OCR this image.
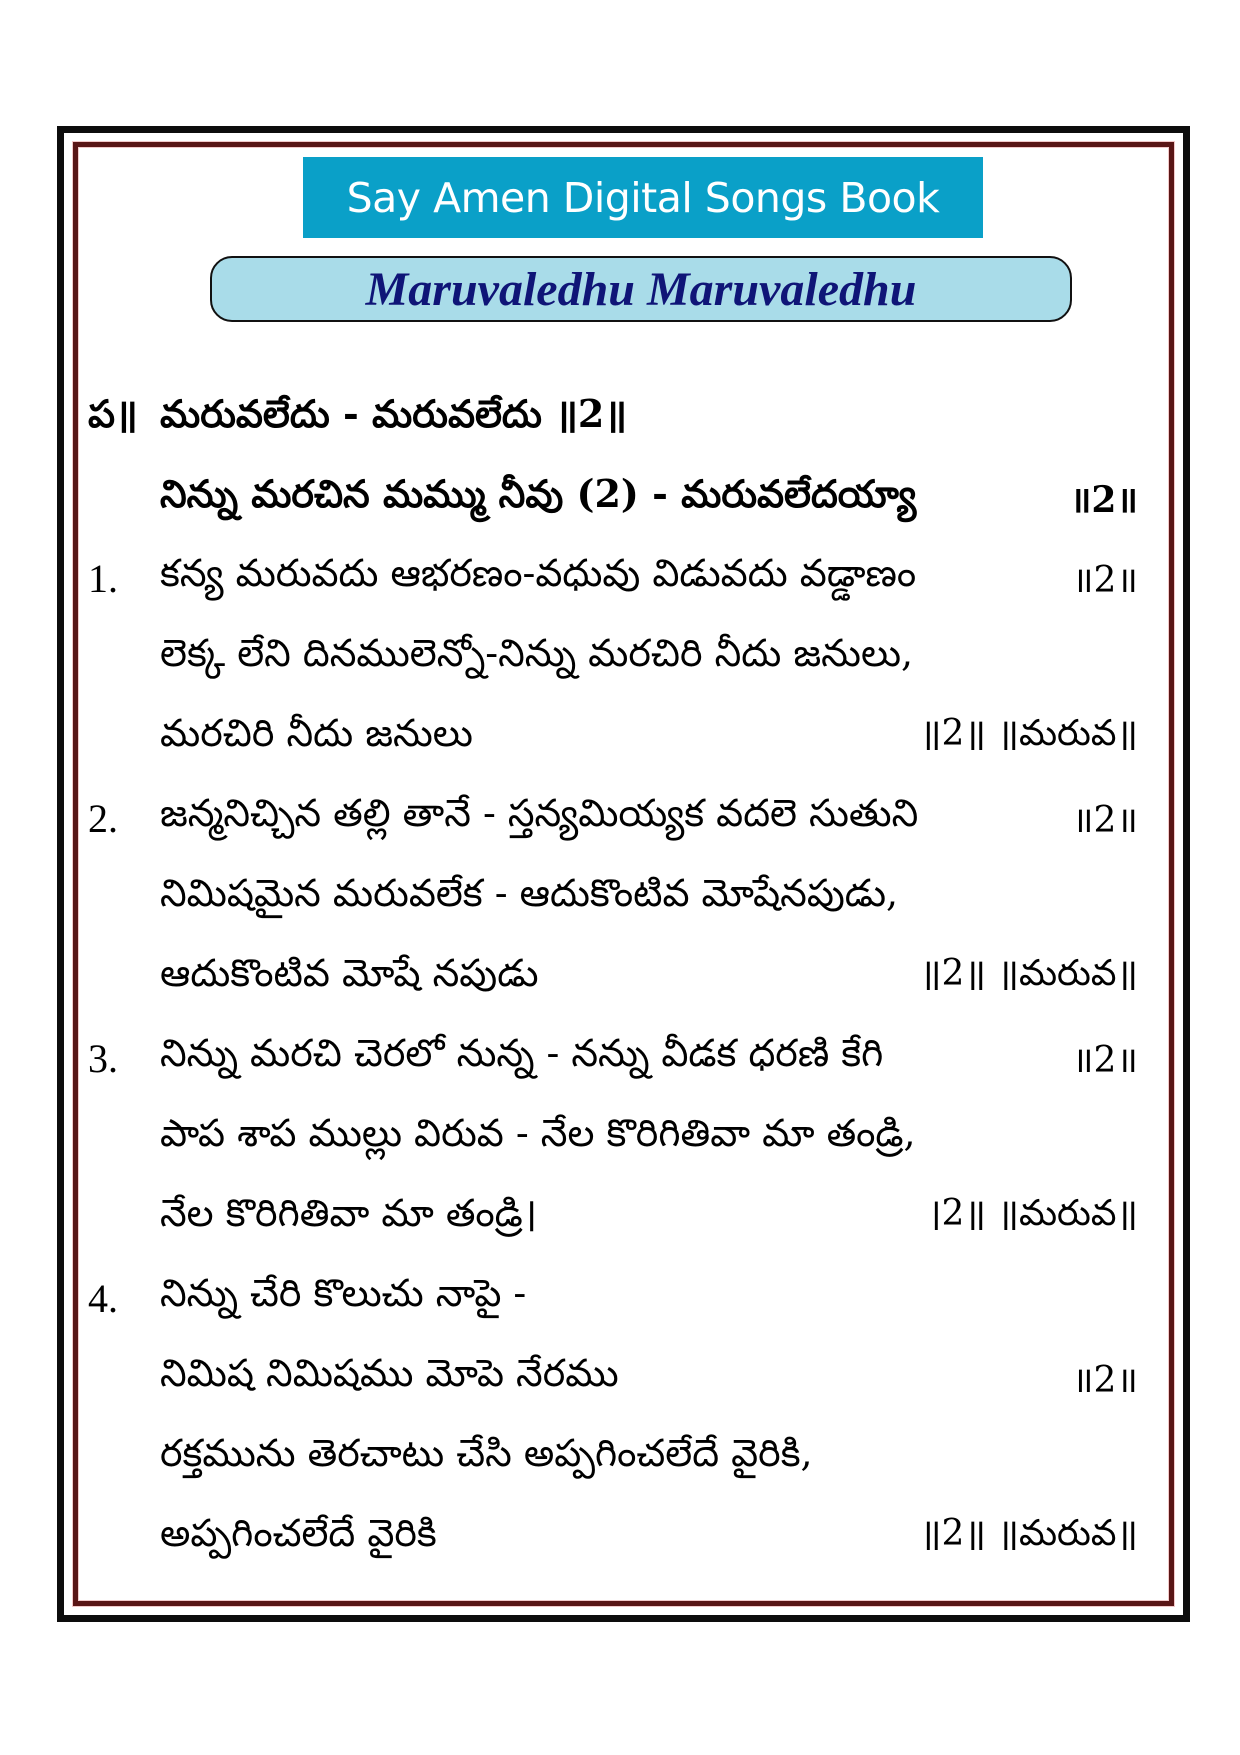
Say Amen Digital Songs Book
Maruvaledhu Maruvaledhu
ప॥ మరువలేదు - మరువలేదు ॥2॥
నిన్ను మరచిన మమ్ము నీవు (2) - మరువలేదయ్యా	॥2॥
1. కన్య మరువదు ఆభరణం-వధువు విడువదు వడ్డాణం	॥2॥
లెక్క లేని దినములెన్నో-నిన్ను మరచిరి నీదు జనులు,
మరచిరి నీదు జనులు	॥2॥ ॥మరువ॥
2. జన్మనిచ్చిన తల్లి తానే - స్తన్యమియ్యక వదలె సుతుని	॥2॥
నిమిషమైన మరువలేక - ఆదుకొంటివ మోషేనపుడు,
ఆదుకొంటివ మోషే నపుడు	॥2॥ ॥మరువ॥
3. నిన్ను మరచి చెరలో నున్న - నన్ను వీడక ధరణి కేగి	॥2॥
పాప శాప ముల్లు విరువ - నేల కొరిగితివా మా తండ్రి,
నేల కొరిగితివా మా తండ్రి।	।2॥ ॥మరువ॥
4. నిన్ను చేరి కొలుచు నాపై -
నిమిష నిమిషము మోపె నేరము	॥2॥
రక్తమును తెరచాటు చేసి అప్పగించలేదే వైరికి,
అప్పగించలేదే వైరికి	॥2॥ ॥మరువ॥
